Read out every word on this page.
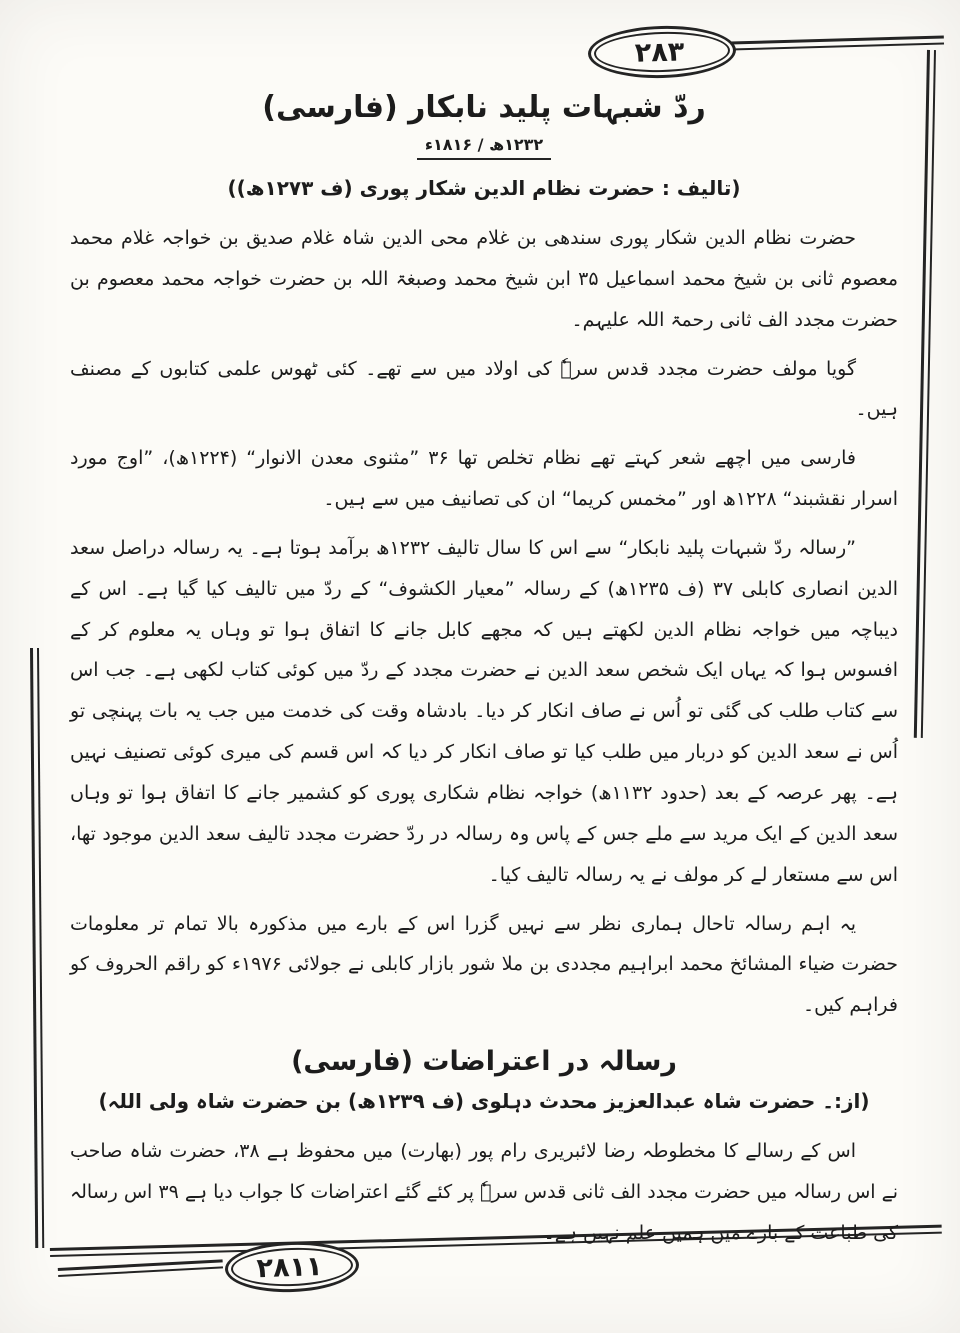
۲۸۳
۲۸۱۱
ردّ شبہات پلید نابکار (فارسی)
۱۲۳۲ھ / ۱۸۱۶ء
(تالیف : حضرت نظام الدین شکار پوری (ف ۱۲۷۳ھ))

حضرت نظام الدین شکار پوری سندھی بن غلام محی الدین شاہ غلام صدیق بن خواجہ غلام محمد معصوم ثانی بن شیخ محمد اسماعیل ۳۵ ابن شیخ محمد وصبغۃ اللہ بن حضرت خواجہ محمد معصوم بن حضرت مجدد الف ثانی رحمۃ اللہ علیہم۔

گویا مولف حضرت مجدد قدس سرہٗ کی اولاد میں سے تھے۔ کئی ٹھوس علمی کتابوں کے مصنف ہیں۔

فارسی میں اچھے شعر کہتے تھے نظام تخلص تھا ۳۶ ”مثنوی معدن الانوار“ (۱۲۲۴ھ)، ”اوج مورد اسرار نقشبند“ ۱۲۲۸ھ اور ”مخمس کریما“ ان کی تصانیف میں سے ہیں۔

”رسالہ ردّ شبہات پلید نابکار“ سے اس کا سال تالیف ۱۲۳۲ھ برآمد ہوتا ہے۔ یہ رسالہ دراصل سعد الدین انصاری کابلی ۳۷ (ف ۱۲۳۵ھ) کے رسالہ ”معیار الکشوف“ کے ردّ میں تالیف کیا گیا ہے۔ اس کے دیباچہ میں خواجہ نظام الدین لکھتے ہیں کہ مجھے کابل جانے کا اتفاق ہوا تو وہاں یہ معلوم کر کے افسوس ہوا کہ یہاں ایک شخص سعد الدین نے حضرت مجدد کے ردّ میں کوئی کتاب لکھی ہے۔ جب اس سے کتاب طلب کی گئی تو اُس نے صاف انکار کر دیا۔ بادشاہ وقت کی خدمت میں جب یہ بات پہنچی تو اُس نے سعد الدین کو دربار میں طلب کیا تو صاف انکار کر دیا کہ اس قسم کی میری کوئی تصنیف نہیں ہے۔ پھر عرصہ کے بعد (حدود ۱۱۳۲ھ) خواجہ نظام شکاری پوری کو کشمیر جانے کا اتفاق ہوا تو وہاں سعد الدین کے ایک مرید سے ملے جس کے پاس وہ رسالہ در ردّ حضرت مجدد تالیف سعد الدین موجود تھا، اس سے مستعار لے کر مولف نے یہ رسالہ تالیف کیا۔

یہ اہم رسالہ تاحال ہماری نظر سے نہیں گزرا اس کے بارے میں مذکورہ بالا تمام تر معلومات حضرت ضیاء المشائخ محمد ابراہیم مجددی بن ملا شور بازار کابلی نے جولائی ۱۹۷۶ء کو راقم الحروف کو فراہم کیں۔

رسالہ در اعتراضات (فارسی)
(از:۔ حضرت شاہ عبدالعزیز محدث دہلوی (ف ۱۲۳۹ھ) بن حضرت شاہ ولی اللہ)

اس کے رسالے کا مخطوطہ رضا لائبریری رام پور (بھارت) میں محفوظ ہے ۳۸، حضرت شاہ صاحب نے اس رسالہ میں حضرت مجدد الف ثانی قدس سرہٗ پر کئے گئے اعتراضات کا جواب دیا ہے ۳۹ اس رسالہ کی طباعت کے بارے میں ہمیں علم نہیں ہے۔
